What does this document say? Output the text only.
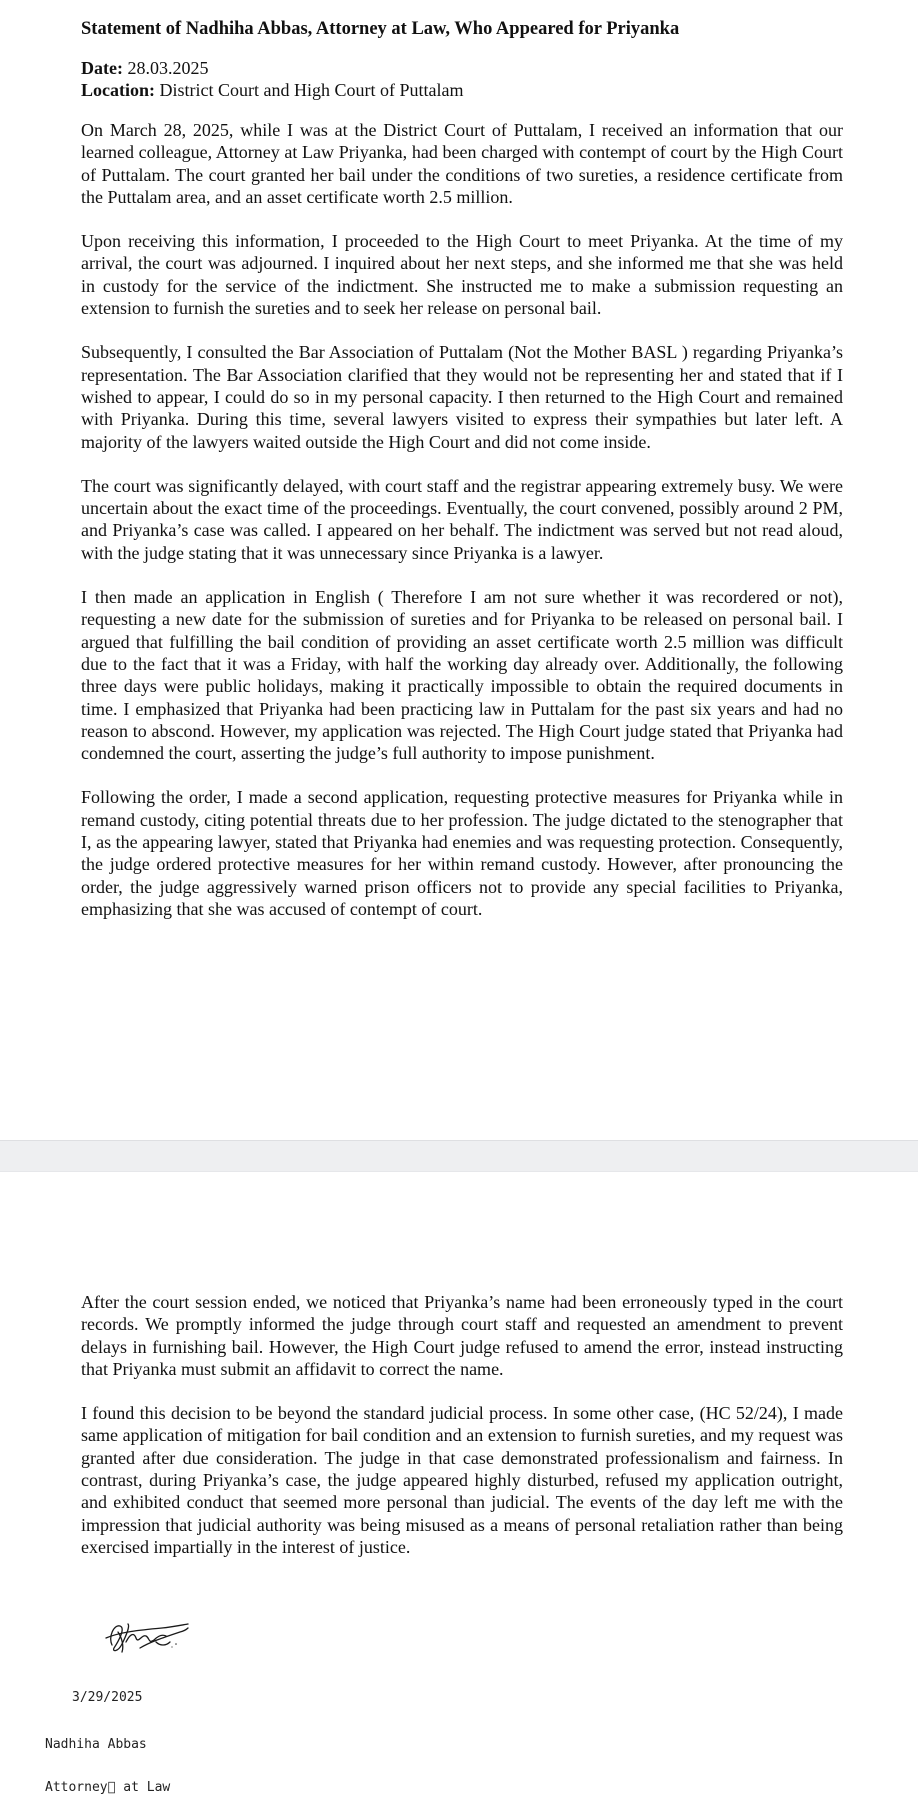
Statement of Nadhiha Abbas, Attorney at Law, Who Appeared for Priyanka
Date: 28.03.2025
Location: District Court and High Court of Puttalam

On March 28, 2025, while I was at the District Court of Puttalam, I received an information that our learned colleague, Attorney at Law Priyanka, had been charged with contempt of court by the High Court of Puttalam. The court granted her bail under the conditions of two sureties, a residence certificate from the Puttalam area, and an asset certificate worth 2.5 million.

Upon receiving this information, I proceeded to the High Court to meet Priyanka. At the time of my arrival, the court was adjourned. I inquired about her next steps, and she informed me that she was held in custody for the service of the indictment. She instructed me to make a submission requesting an extension to furnish the sureties and to seek her release on personal bail.

Subsequently, I consulted the Bar Association of Puttalam (Not the Mother BASL ) regarding Priyanka’s representation. The Bar Association clarified that they would not be representing her and stated that if I wished to appear, I could do so in my personal capacity. I then returned to the High Court and remained with Priyanka. During this time, several lawyers visited to express their sympathies but later left. A majority of the lawyers waited outside the High Court and did not come inside.

The court was significantly delayed, with court staff and the registrar appearing extremely busy. We were uncertain about the exact time of the proceedings. Eventually, the court convened, possibly around 2 PM, and Priyanka’s case was called. I appeared on her behalf. The indictment was served but not read aloud, with the judge stating that it was unnecessary since Priyanka is a lawyer.

I then made an application in English ( Therefore I am not sure whether it was recordered or not), requesting a new date for the submission of sureties and for Priyanka to be released on personal bail. I argued that fulfilling the bail condition of providing an asset certificate worth 2.5 million was difficult due to the fact that it was a Friday, with half the working day already over. Additionally, the following three days were public holidays, making it practically impossible to obtain the required documents in time. I emphasized that Priyanka had been practicing law in Puttalam for the past six years and had no reason to abscond. However, my application was rejected. The High Court judge stated that Priyanka had condemned the court, asserting the judge’s full authority to impose punishment.

Following the order, I made a second application, requesting protective measures for Priyanka while in remand custody, citing potential threats due to her profession. The judge dictated to the stenographer that I, as the appearing lawyer, stated that Priyanka had enemies and was requesting protection. Consequently, the judge ordered protective measures for her within remand custody. However, after pronouncing the order, the judge aggressively warned prison officers not to provide any special facilities to Priyanka, emphasizing that she was accused of contempt of court.

After the court session ended, we noticed that Priyanka’s name had been erroneously typed in the court records. We promptly informed the judge through court staff and requested an amendment to prevent delays in furnishing bail. However, the High Court judge refused to amend the error, instead instructing that Priyanka must submit an affidavit to correct the name.

I found this decision to be beyond the standard judicial process. In some other case, (HC 52/24), I made same application of mitigation for bail condition and an extension to furnish sureties, and my request was granted after due consideration. The judge in that case demonstrated professionalism and fairness. In contrast, during Priyanka’s case, the judge appeared highly disturbed, refused my application outright, and exhibited conduct that seemed more personal than judicial. The events of the day left me with the impression that judicial authority was being misused as a means of personal retaliation rather than being exercised impartially in the interest of justice.

3/29/2025
Nadhiha Abbas
Attorney  at Law
